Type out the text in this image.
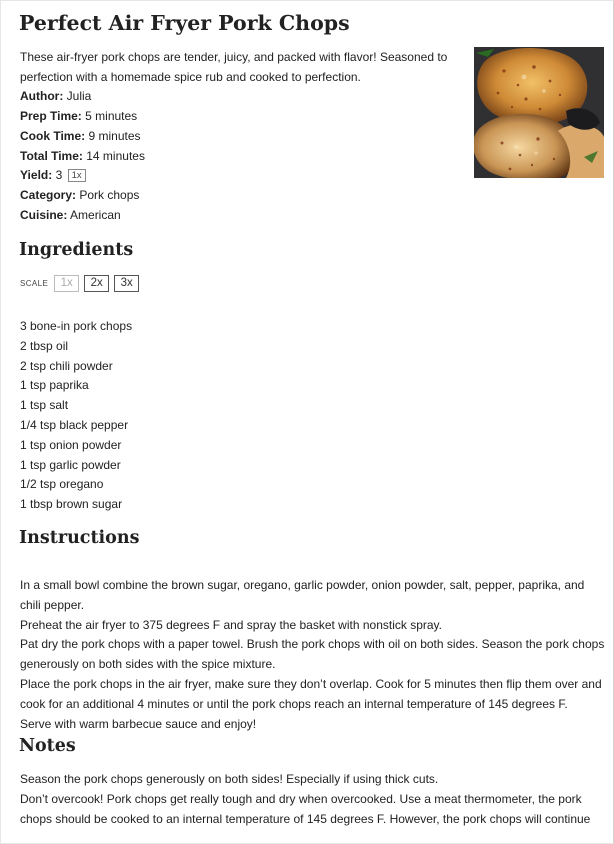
Perfect Air Fryer Pork Chops

These air-fryer pork chops are tender, juicy, and packed with flavor! Seasoned to perfection with a homemade spice rub and cooked to perfection.

Author: Julia

Prep Time: 5 minutes

Cook Time: 9 minutes

Total Time: 14 minutes

Yield: 3 1x

Category: Pork chops

Cuisine: American

Ingredients
SCALE	1x	2x	3x
3 bone-in pork chops
2 tbsp oil
2 tsp chili powder
1 tsp paprika
1 tsp salt
1/4 tsp black pepper
1 tsp onion powder
1 tsp garlic powder
1/2 tsp oregano
1 tbsp brown sugar
Instructions

In a small bowl combine the brown sugar, oregano, garlic powder, onion powder, salt, pepper, paprika, and chili pepper.

Preheat the air fryer to 375 degrees F and spray the basket with nonstick spray.

Pat dry the pork chops with a paper towel. Brush the pork chops with oil on both sides. Season the pork chops generously on both sides with the spice mixture.

Place the pork chops in the air fryer, make sure they don’t overlap. Cook for 5 minutes then flip them over and cook for an additional 4 minutes or until the pork chops reach an internal temperature of 145 degrees F.

Serve with warm barbecue sauce and enjoy!

Notes

Season the pork chops generously on both sides! Especially if using thick cuts.

Don’t overcook! Pork chops get really tough and dry when overcooked. Use a meat thermometer, the pork chops should be cooked to an internal temperature of 145 degrees F. However, the pork chops will continue
